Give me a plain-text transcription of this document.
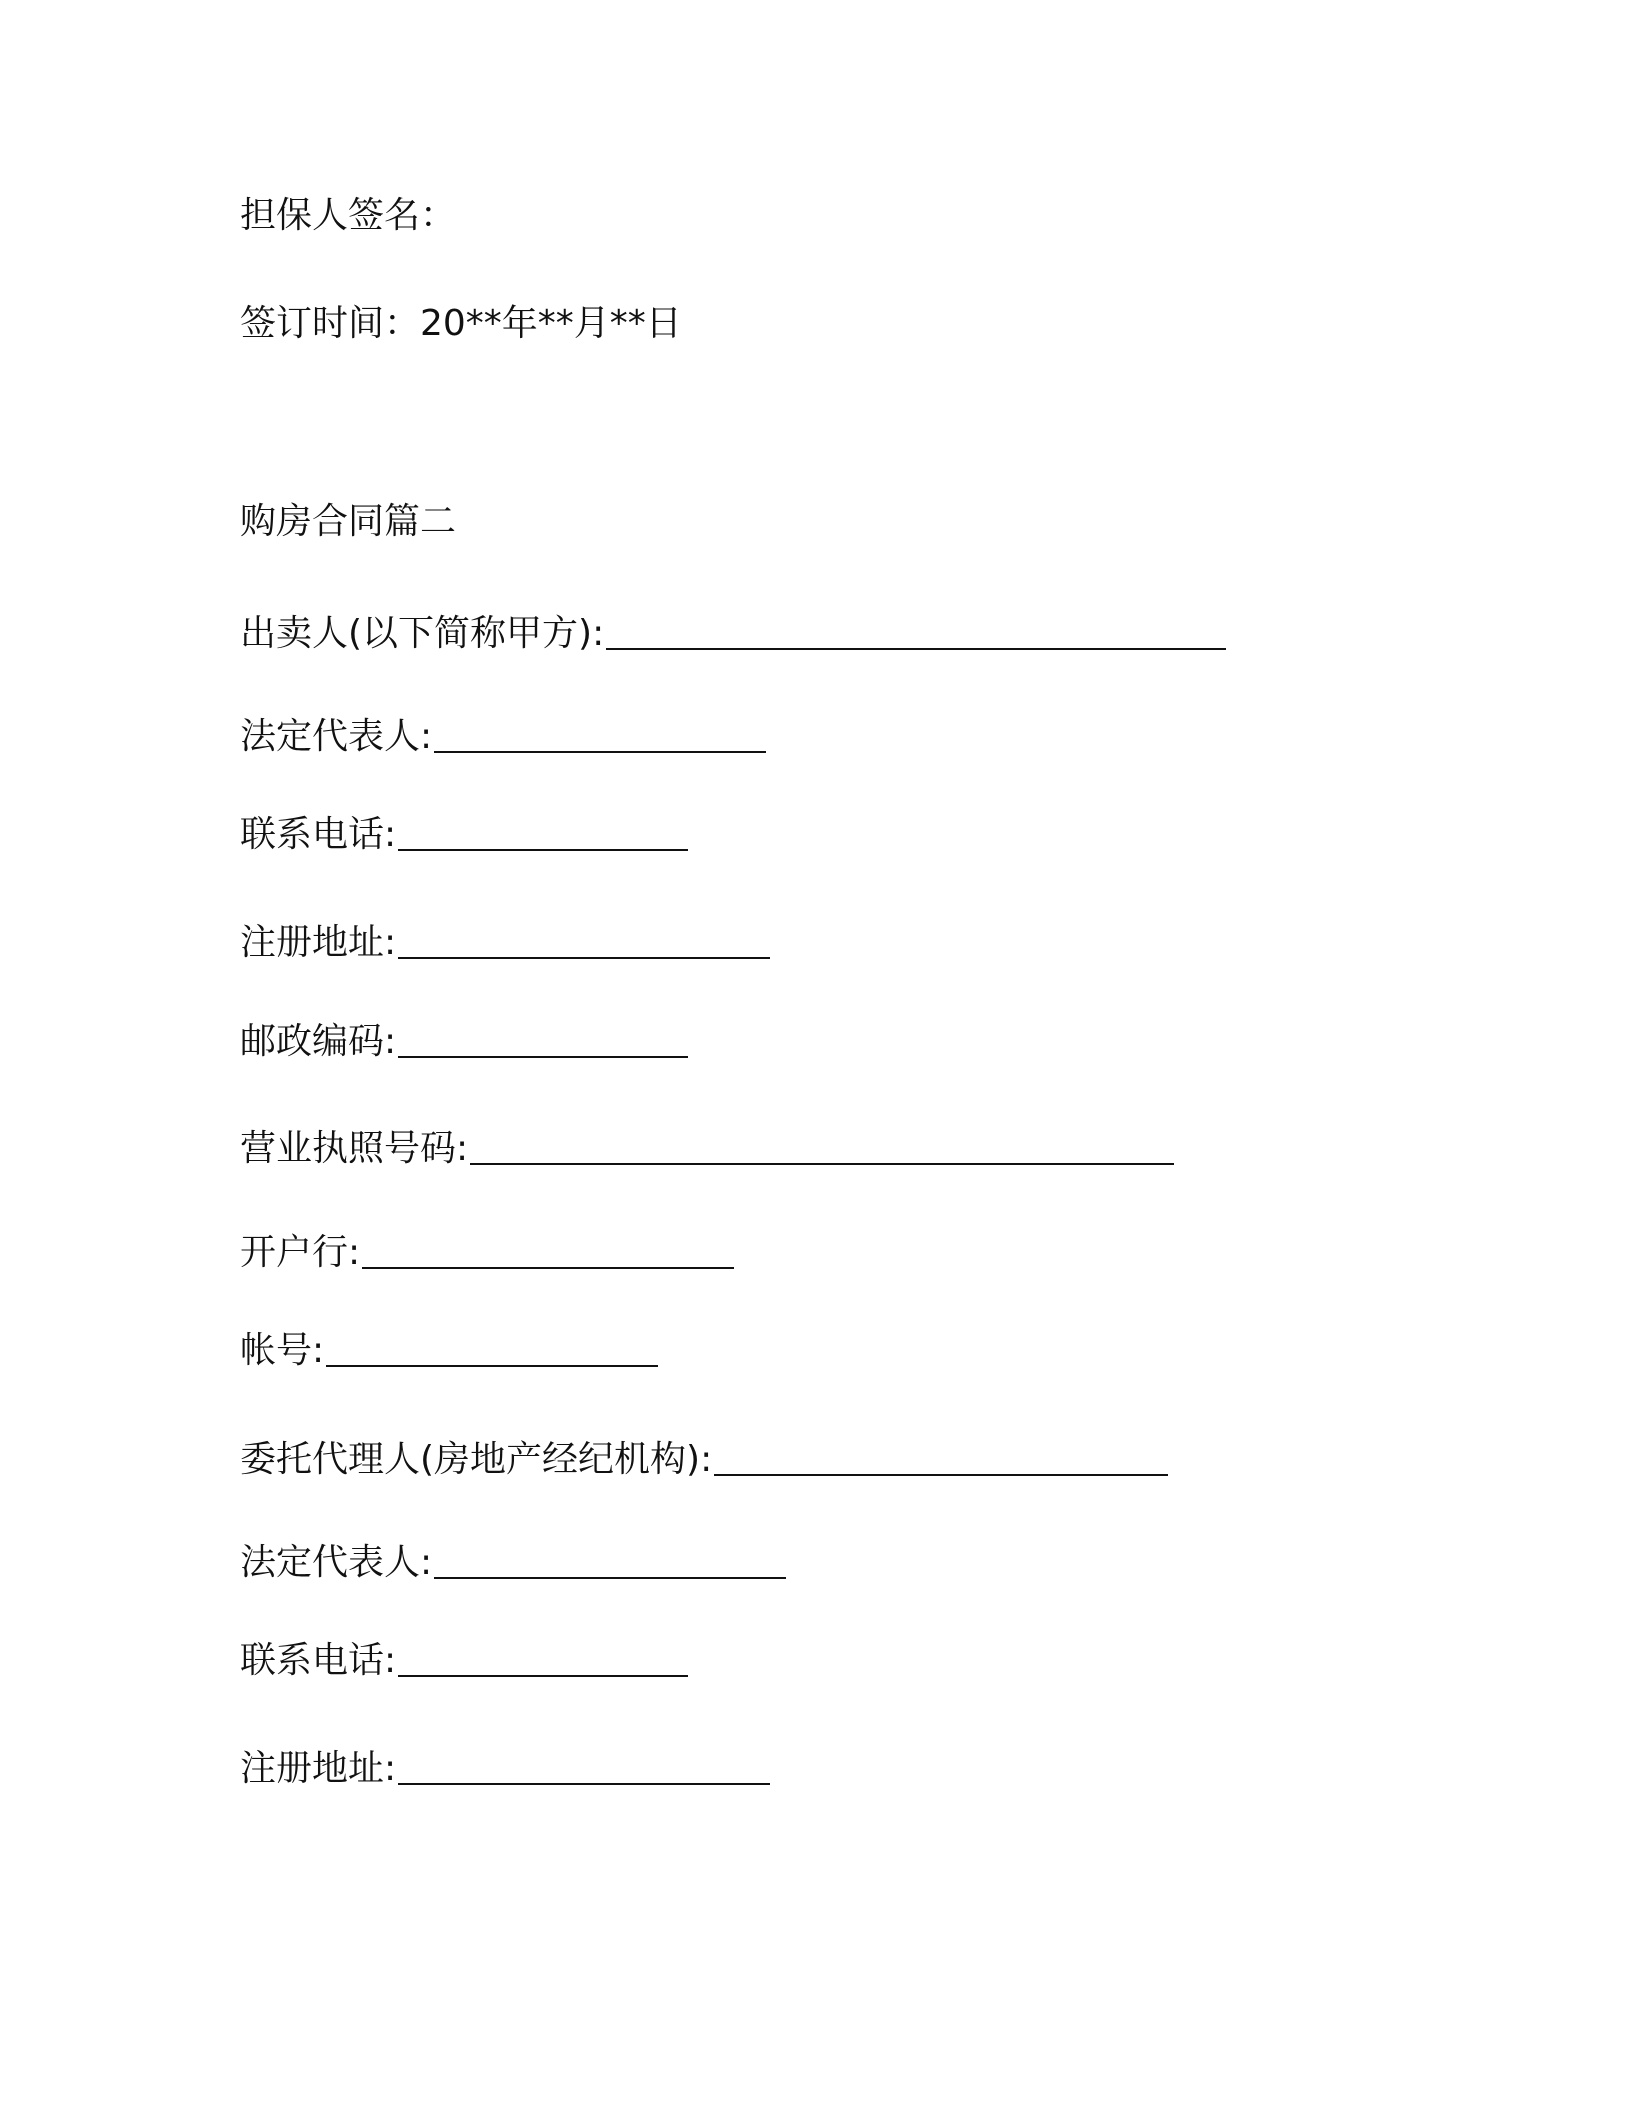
担保人签名：
签订时间：20**年**月**日
购房合同篇二
出卖人(以下简称甲方):
法定代表人:
联系电话:
注册地址:
邮政编码:
营业执照号码:
开户行:
帐号:
委托代理人(房地产经纪机构):
法定代表人:
联系电话:
注册地址:
